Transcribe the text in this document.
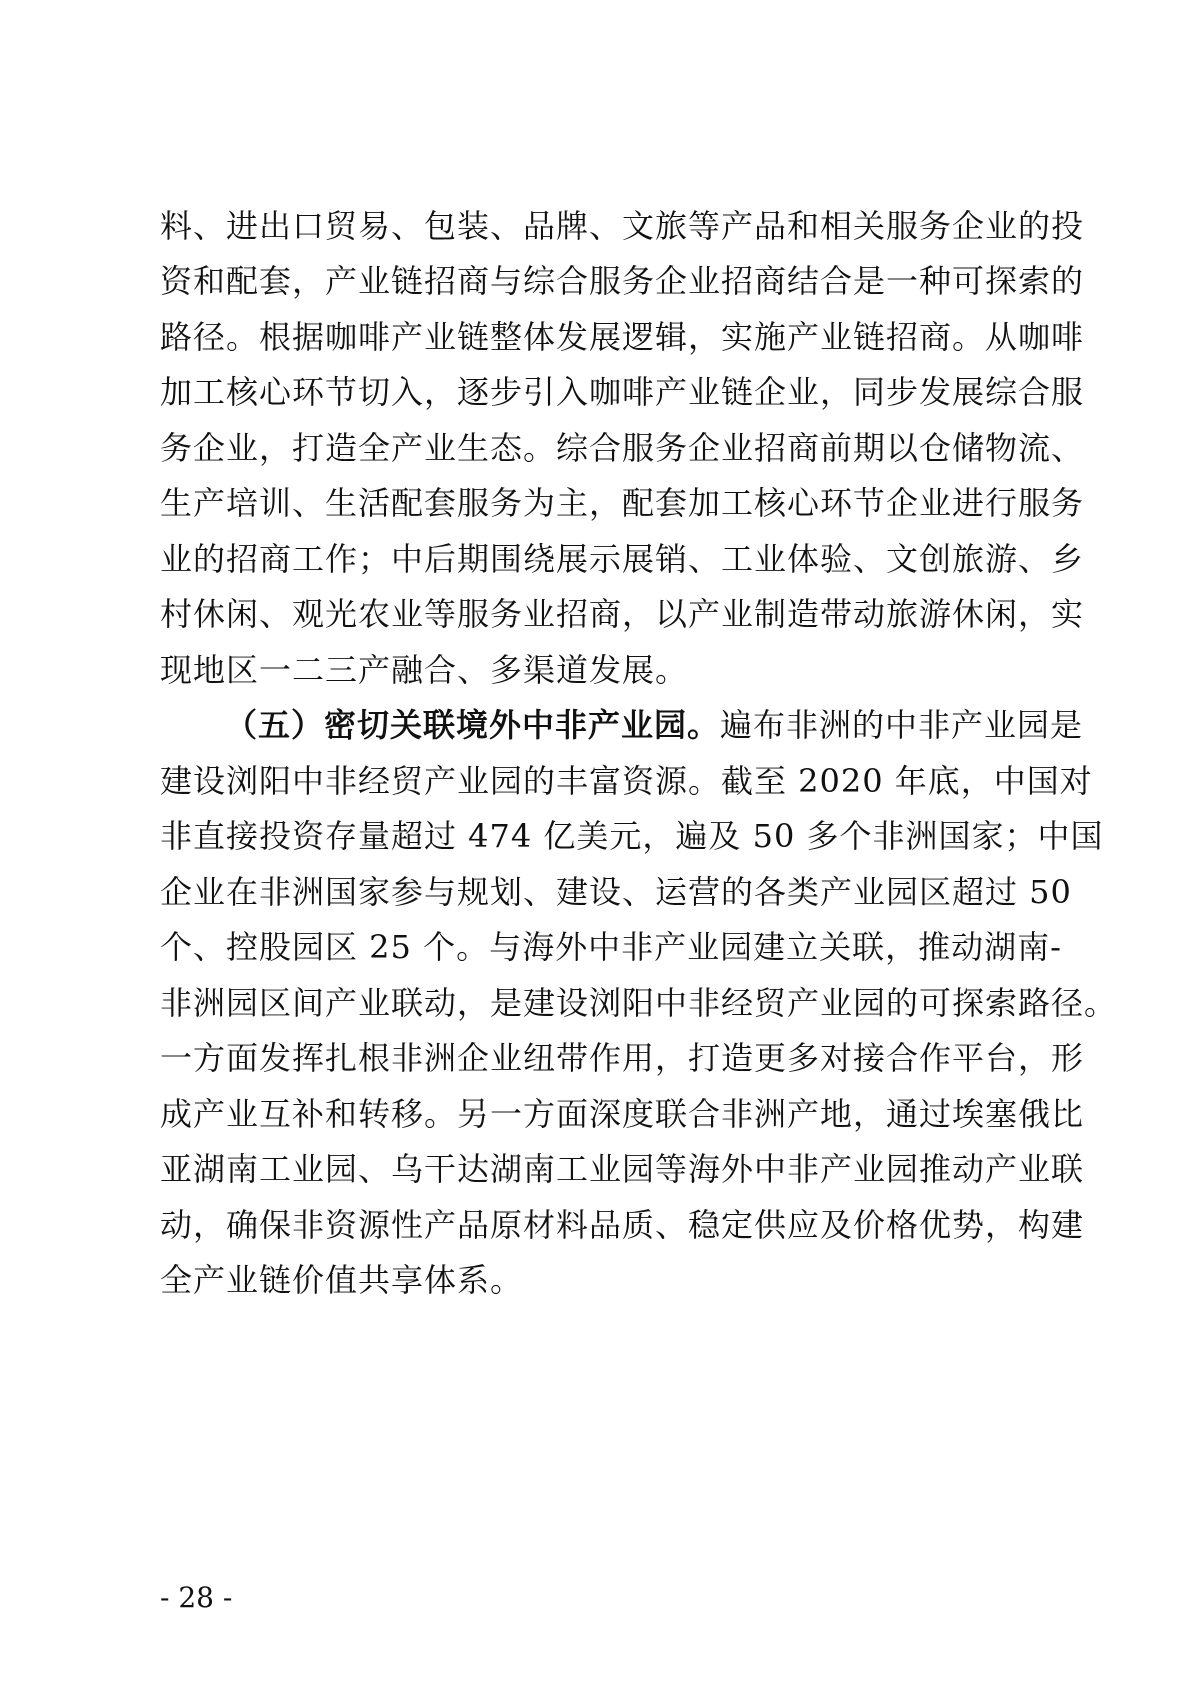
料、进出口贸易、包装、品牌、文旅等产品和相关服务企业的投
资和配套，产业链招商与综合服务企业招商结合是一种可探索的
路径。根据咖啡产业链整体发展逻辑，实施产业链招商。从咖啡
加工核心环节切入，逐步引入咖啡产业链企业，同步发展综合服
务企业，打造全产业生态。综合服务企业招商前期以仓储物流、
生产培训、生活配套服务为主，配套加工核心环节企业进行服务
业的招商工作；中后期围绕展示展销、工业体验、文创旅游、乡
村休闲、观光农业等服务业招商，以产业制造带动旅游休闲，实
现地区一二三产融合、多渠道发展。
（五）密切关联境外中非产业园。遍布非洲的中非产业园是
建设浏阳中非经贸产业园的丰富资源。截至 2020 年底，中国对
非直接投资存量超过 474 亿美元，遍及 50 多个非洲国家；中国
企业在非洲国家参与规划、建设、运营的各类产业园区超过 50
个、控股园区 25 个。与海外中非产业园建立关联，推动湖南-
非洲园区间产业联动，是建设浏阳中非经贸产业园的可探索路径。
一方面发挥扎根非洲企业纽带作用，打造更多对接合作平台，形
成产业互补和转移。另一方面深度联合非洲产地，通过埃塞俄比
亚湖南工业园、乌干达湖南工业园等海外中非产业园推动产业联
动，确保非资源性产品原材料品质、稳定供应及价格优势，构建
全产业链价值共享体系。
- 28 -
